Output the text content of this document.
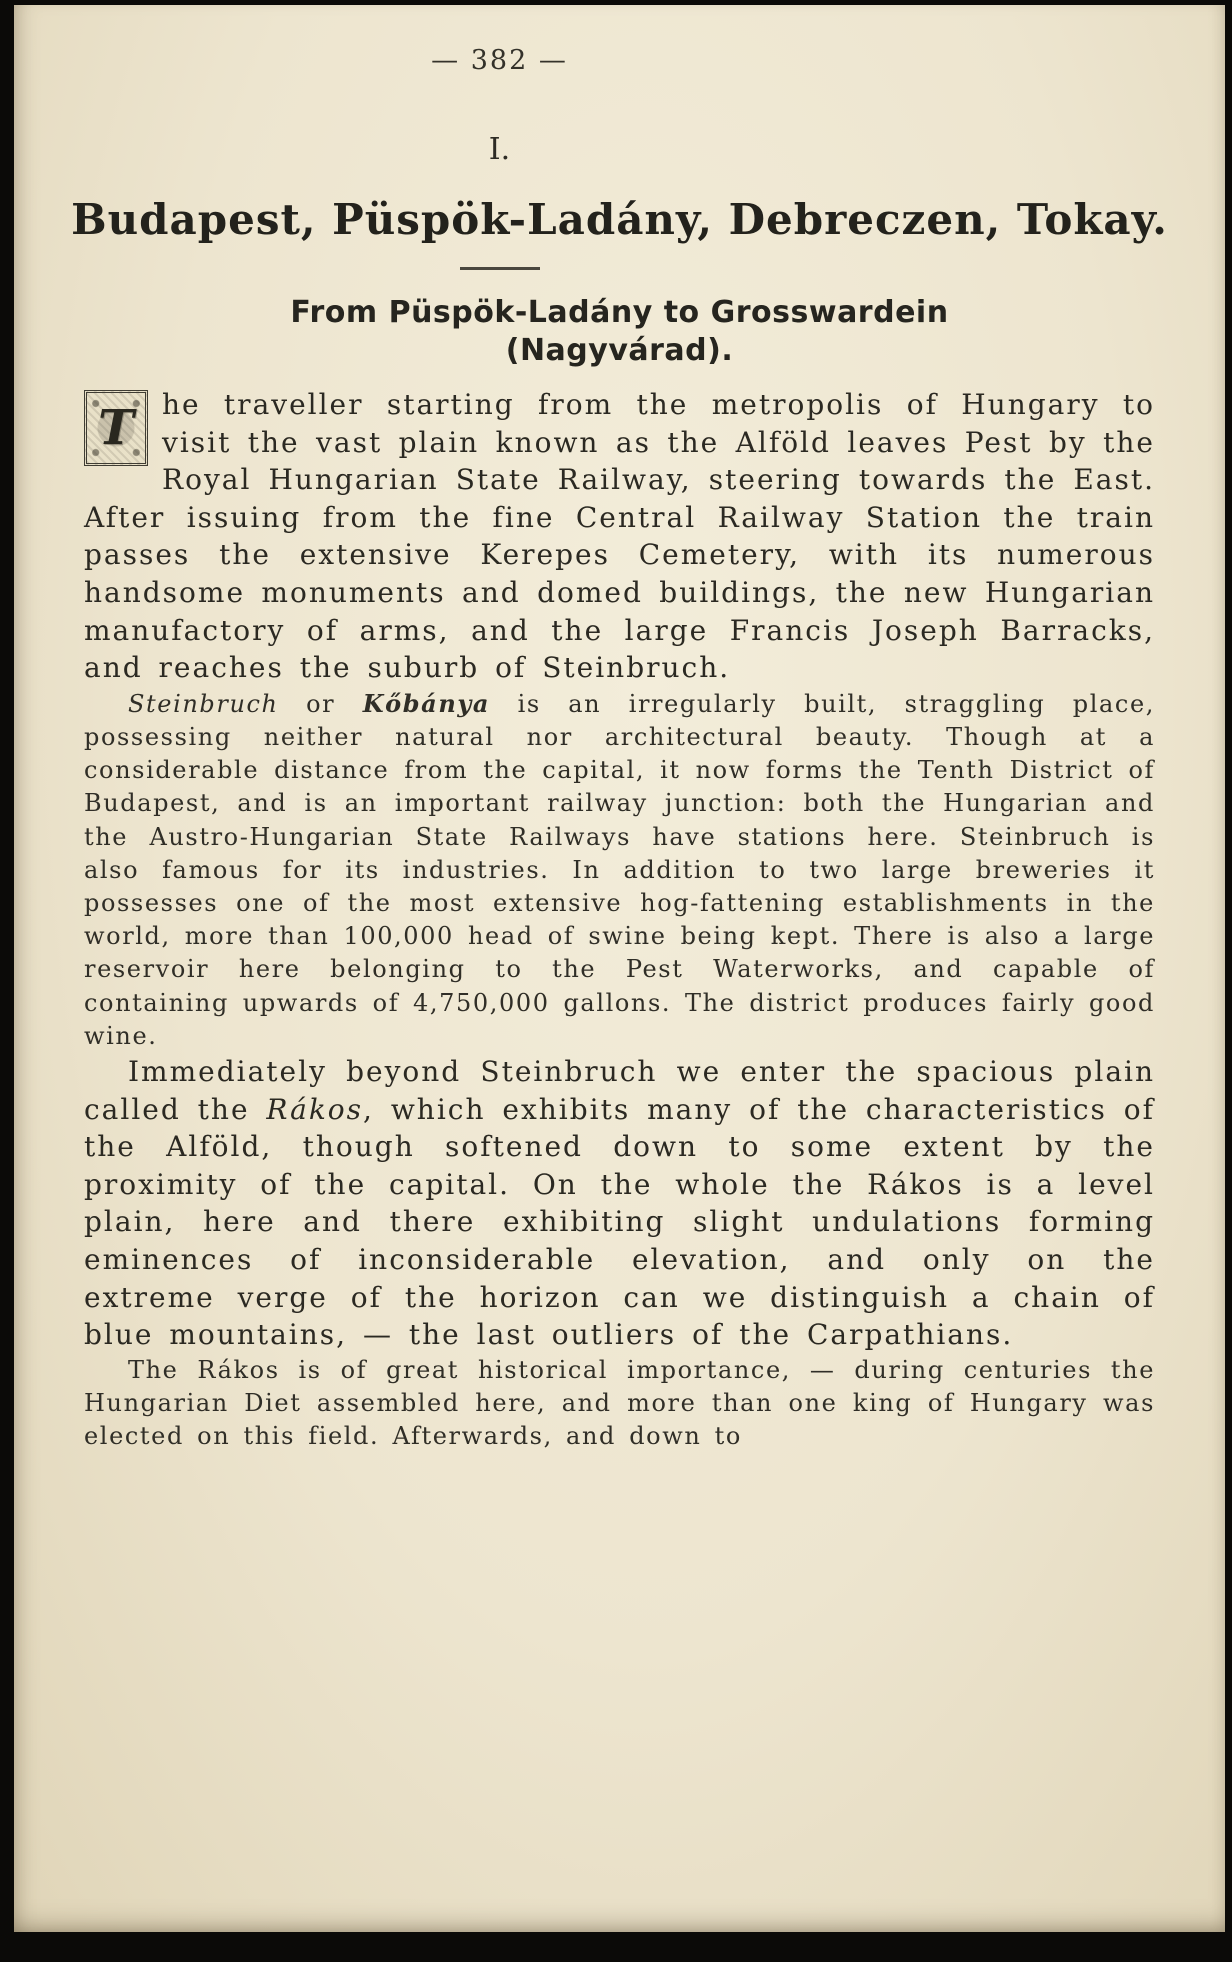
— 382 —
I.
Budapest, Püspök-Ladány, Debreczen, Tokay.
From Püspök-Ladány to Grosswardein
(Nagyvárad).

T he traveller starting from the metropolis of Hungary to visit the vast plain known as the Alföld leaves Pest by the Royal Hungarian State Railway, steering towards the East. After issuing from the fine Central Railway Station the train passes the extensive Kerepes Cemetery, with its numerous handsome monuments and domed buildings, the new Hungarian manufactory of arms, and the large Francis Joseph Barracks, and reaches the suburb of Steinbruch.

Steinbruch or Kőbánya is an irregularly built, straggling place, possessing neither natural nor architectural beauty. Though at a considerable distance from the capital, it now forms the Tenth District of Budapest, and is an important railway junction: both the Hungarian and the Austro-Hungarian State Railways have stations here. Steinbruch is also famous for its industries. In addition to two large breweries it possesses one of the most extensive hog-fattening establishments in the world, more than 100,000 head of swine being kept. There is also a large reservoir here belonging to the Pest Waterworks, and capable of containing upwards of 4,750,000 gallons. The district produces fairly good wine.

Immediately beyond Steinbruch we enter the spacious plain called the Rákos, which exhibits many of the characteristics of the Alföld, though softened down to some extent by the proximity of the capital. On the whole the Rákos is a level plain, here and there exhibiting slight undulations forming eminences of inconsiderable elevation, and only on the extreme verge of the horizon can we distinguish a chain of blue mountains, — the last outliers of the Carpathians.

The Rákos is of great historical importance, — during centuries the Hungarian Diet assembled here, and more than one king of Hungary was elected on this field. Afterwards, and down to
